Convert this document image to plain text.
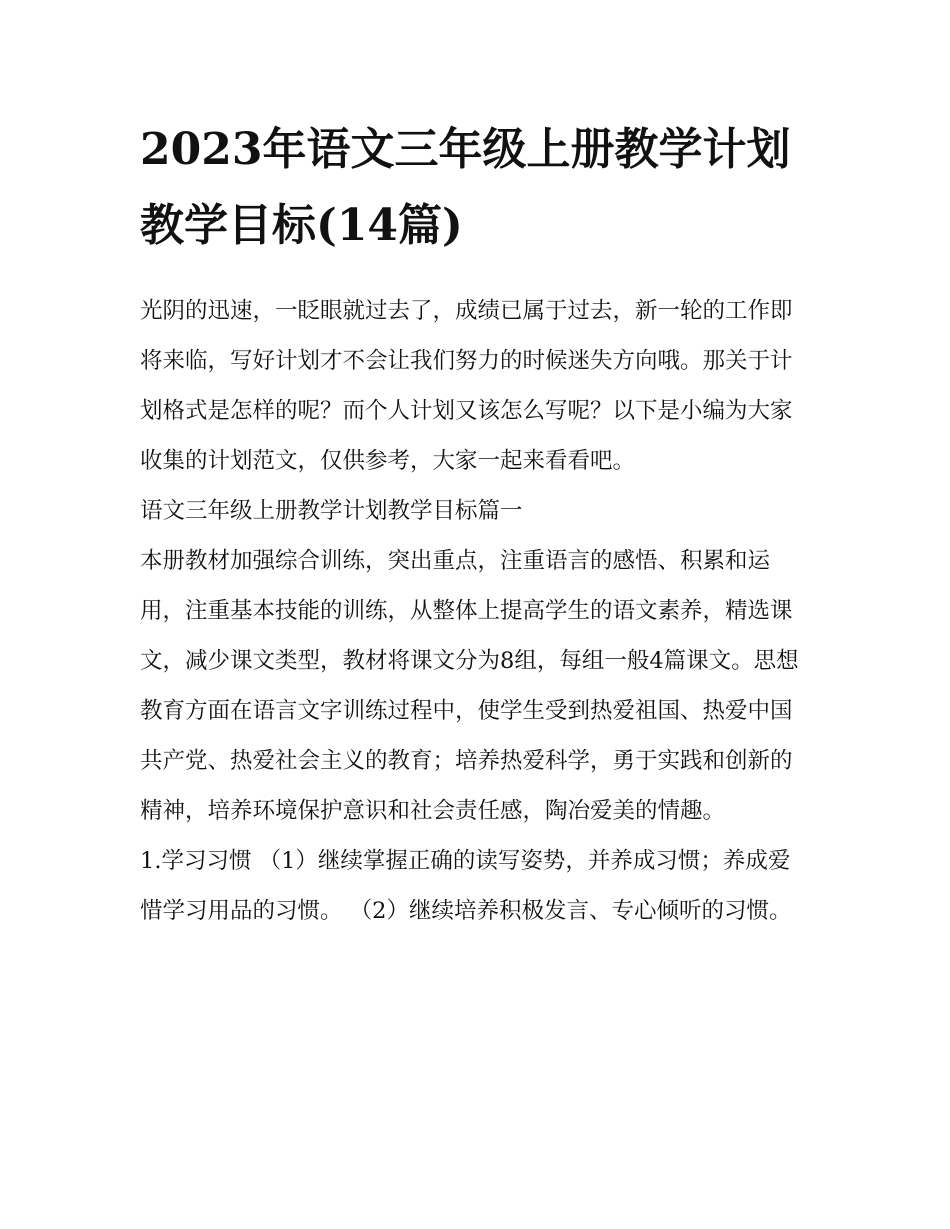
2023年语文三年级上册教学计划教学目标(14篇)

光阴的迅速，一眨眼就过去了，成绩已属于过去，新一轮的工作即将来临，写好计划才不会让我们努力的时候迷失方向哦。那关于计划格式是怎样的呢？而个人计划又该怎么写呢？以下是小编为大家收集的计划范文，仅供参考，大家一起来看看吧。

语文三年级上册教学计划教学目标篇一

本册教材加强综合训练，突出重点，注重语言的感悟、积累和运用，注重基本技能的训练，从整体上提高学生的语文素养，精选课文，减少课文类型，教材将课文分为8组，每组一般4篇课文。思想教育方面在语言文字训练过程中，使学生受到热爱祖国、热爱中国共产党、热爱社会主义的教育；培养热爱科学，勇于实践和创新的精神，培养环境保护意识和社会责任感，陶冶爱美的情趣。

1.学习习惯 （1）继续掌握正确的读写姿势，并养成习惯；养成爱惜学习用品的习惯。 （2）继续培养积极发言、专心倾听的习惯。
